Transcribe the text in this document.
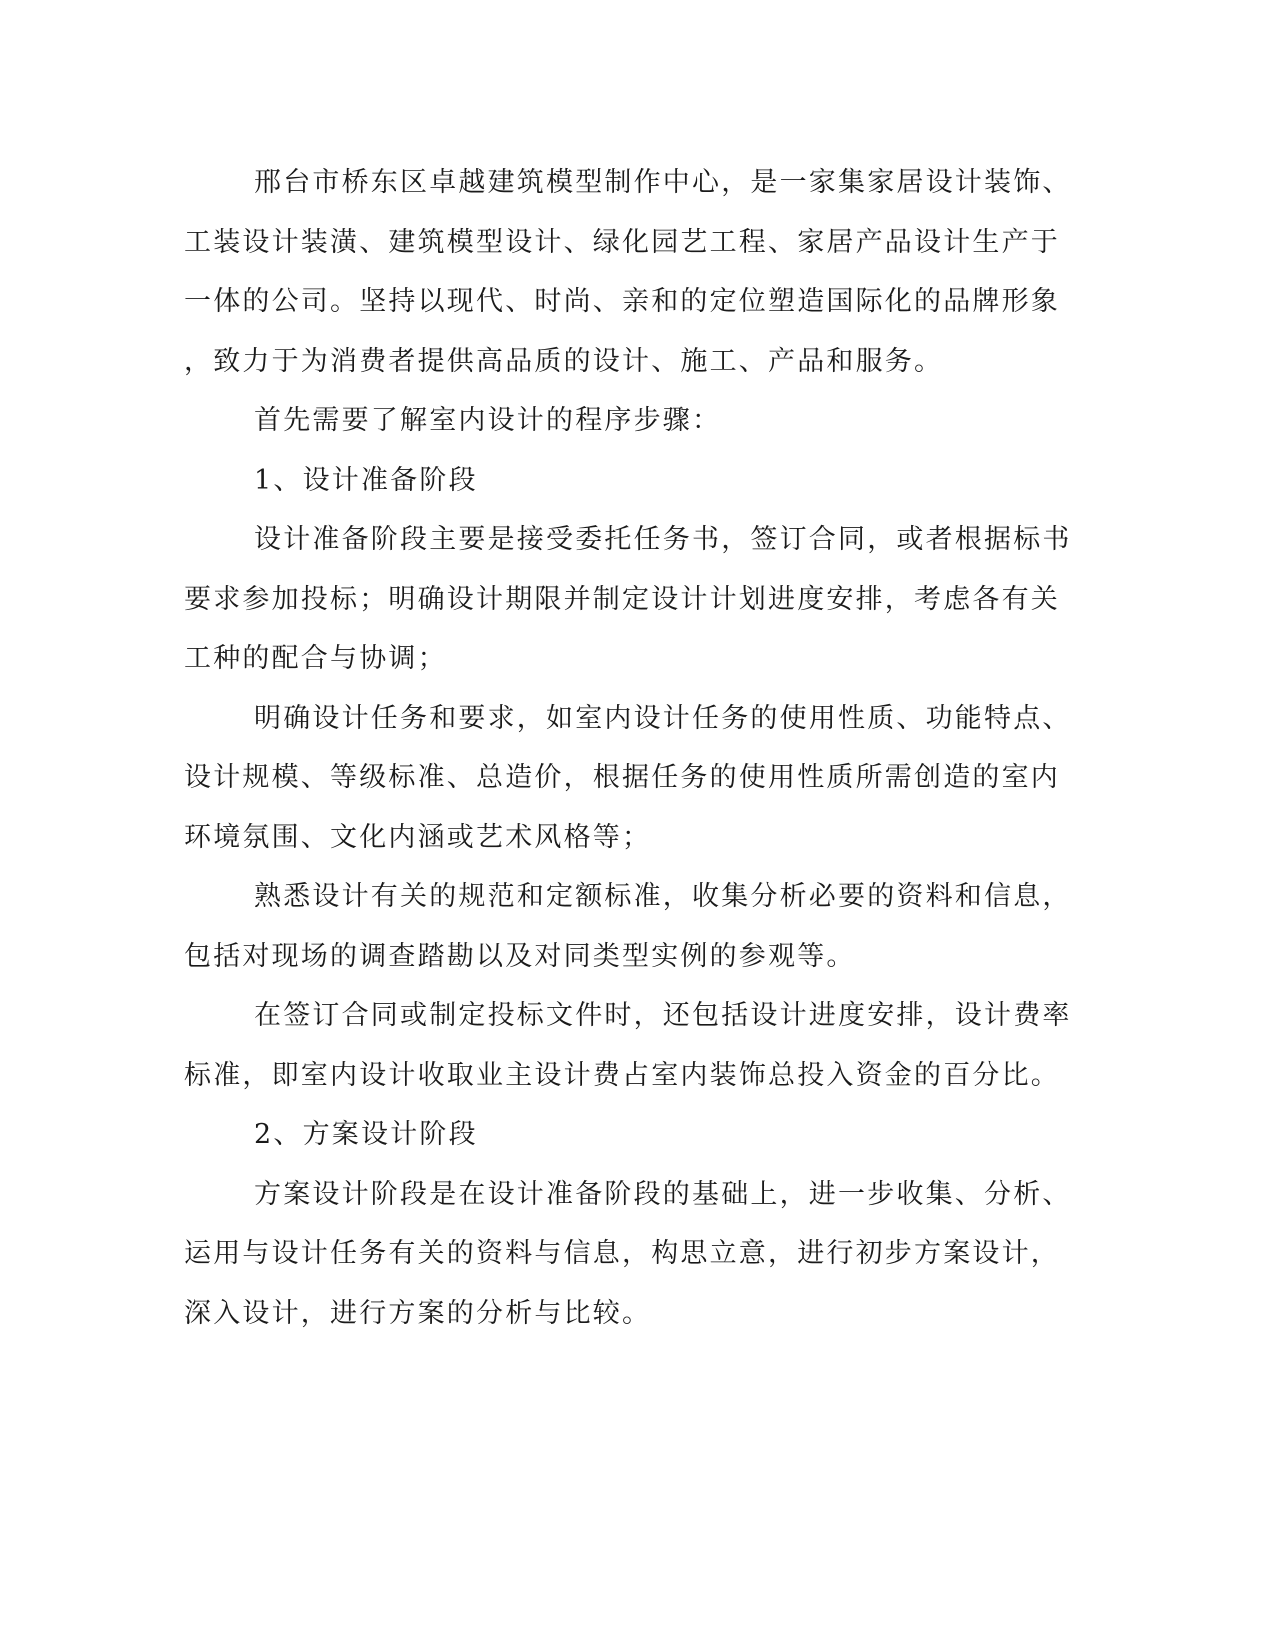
邢台市桥东区卓越建筑模型制作中心，是一家集家居设计装饰、
工装设计装潢、建筑模型设计、绿化园艺工程、家居产品设计生产于
一体的公司。坚持以现代、时尚、亲和的定位塑造国际化的品牌形象
，致力于为消费者提供高品质的设计、施工、产品和服务。
首先需要了解室内设计的程序步骤：
1、设计准备阶段
设计准备阶段主要是接受委托任务书，签订合同，或者根据标书
要求参加投标；明确设计期限并制定设计计划进度安排，考虑各有关
工种的配合与协调；
明确设计任务和要求，如室内设计任务的使用性质、功能特点、
设计规模、等级标准、总造价，根据任务的使用性质所需创造的室内
环境氛围、文化内涵或艺术风格等；
熟悉设计有关的规范和定额标准，收集分析必要的资料和信息，
包括对现场的调查踏勘以及对同类型实例的参观等。
在签订合同或制定投标文件时，还包括设计进度安排，设计费率
标准，即室内设计收取业主设计费占室内装饰总投入资金的百分比。
2、方案设计阶段
方案设计阶段是在设计准备阶段的基础上，进一步收集、分析、
运用与设计任务有关的资料与信息，构思立意，进行初步方案设计，
深入设计，进行方案的分析与比较。
